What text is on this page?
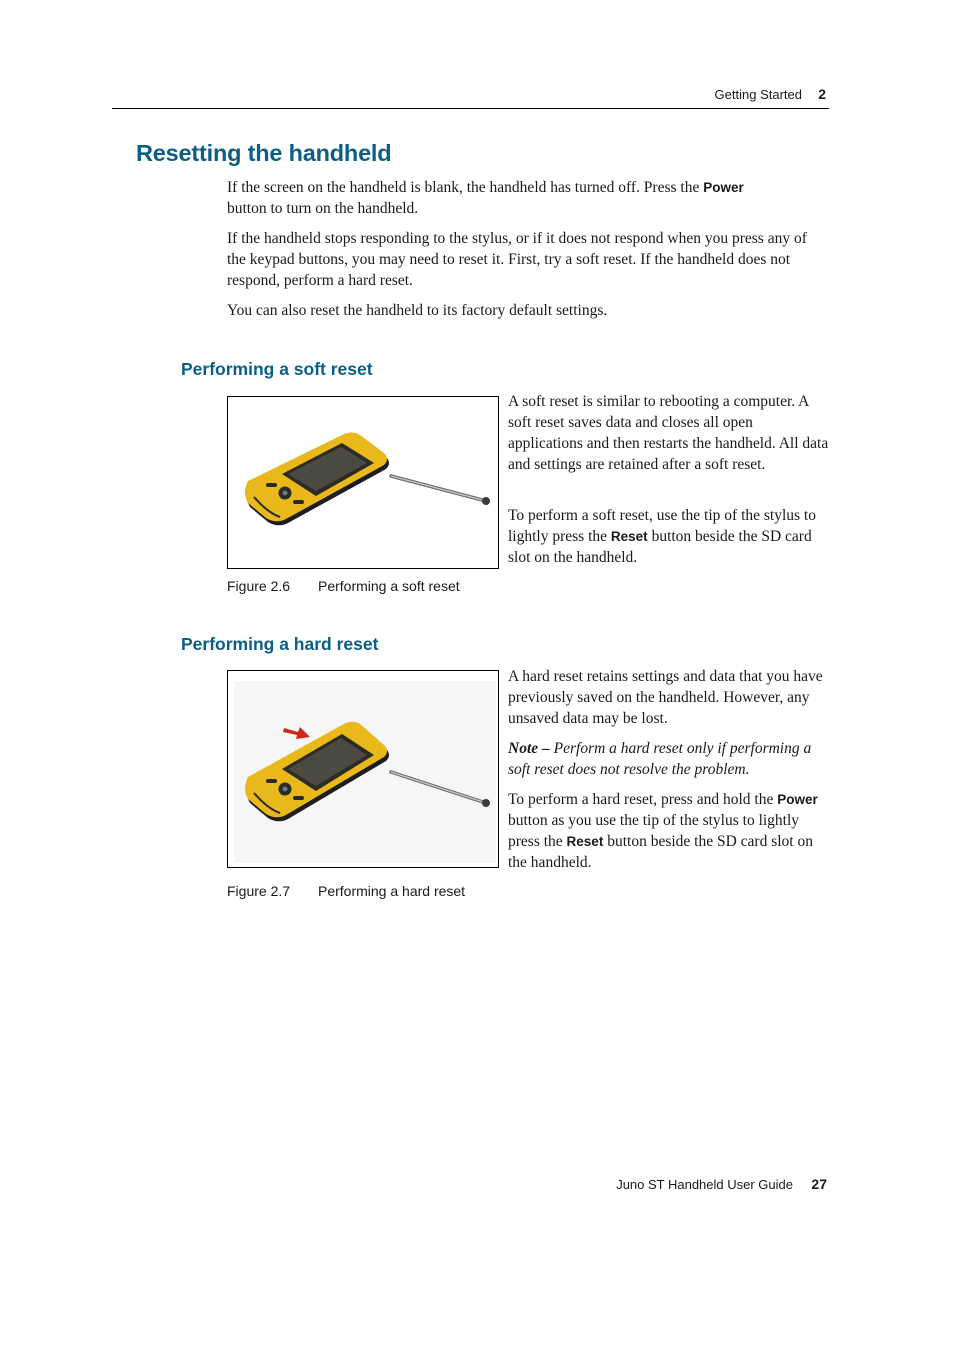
Getting Started 2
Resetting the handheld

If the screen on the handheld is blank, the handheld has turned off. Press the Power
button to turn on the handheld.

If the handheld stops responding to the stylus, or if it does not respond when you press any of the keypad buttons, you may need to reset it. First, try a soft reset. If the handheld does not respond, perform a hard reset.

You can also reset the handheld to its factory default settings.

Performing a soft reset

A soft reset is similar to rebooting a computer. A soft reset saves data and closes all open applications and then restarts the handheld. All data and settings are retained after a soft reset.

To perform a soft reset, use the tip of the stylus to lightly press the Reset button beside the SD card slot on the handheld.

Figure 2.6 Performing a soft reset
Performing a hard reset

A hard reset retains settings and data that you have previously saved on the handheld. However, any unsaved data may be lost.

Note – Perform a hard reset only if performing a soft reset does not resolve the problem.

To perform a hard reset, press and hold the Power button as you use the tip of the stylus to lightly press the Reset button beside the SD card slot on the handheld.

Figure 2.7 Performing a hard reset
Juno ST Handheld User Guide 27
